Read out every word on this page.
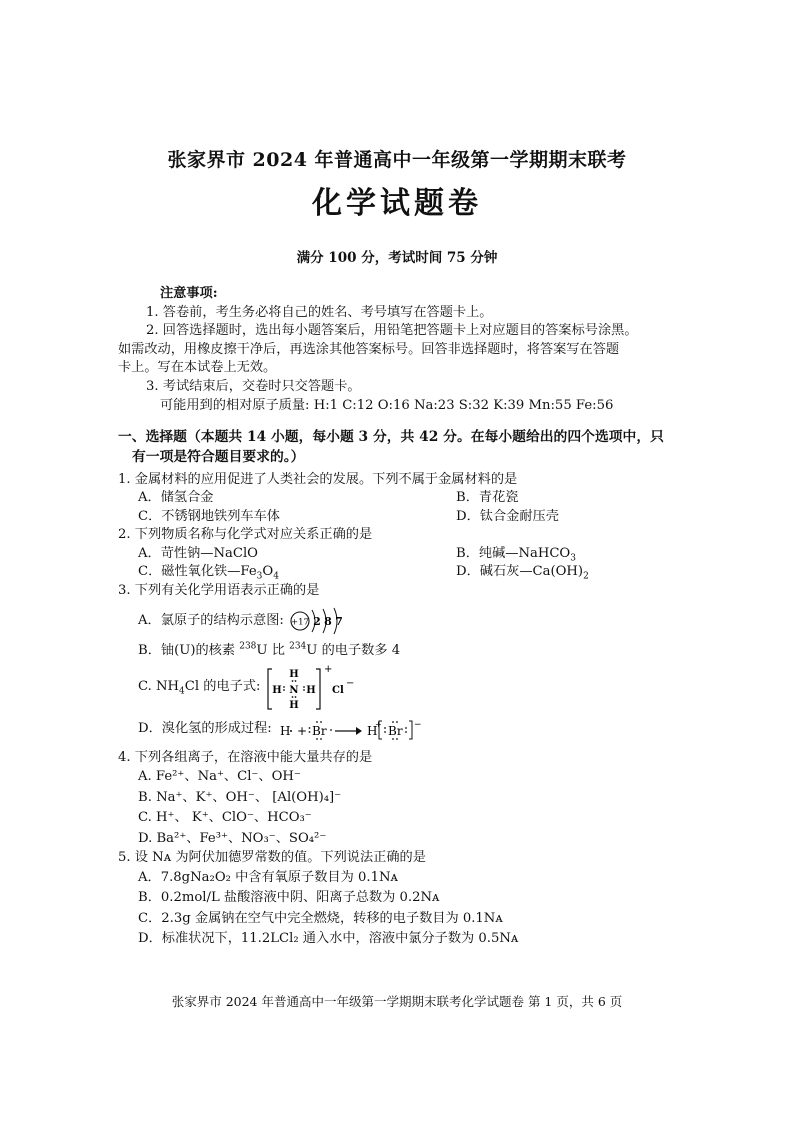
张家界市 2024 年普通高中一年级第一学期期末联考
化学试题卷
满分 100 分，考试时间 75 分钟
注意事项:

1. 答卷前，考生务必将自己的姓名、考号填写在答题卡上。

2. 回答选择题时，选出每小题答案后，用铅笔把答题卡上对应题目的答案标号涂黑。

如需改动，用橡皮擦干净后，再选涂其他答案标号。回答非选择题时，将答案写在答题

卡上。写在本试卷上无效。

3. 考试结束后，交卷时只交答题卡。

可能用到的相对原子质量: H:1 C:12 O:16 Na:23 S:32 K:39 Mn:55 Fe:56
一、选择题（本题共 14 小题，每小题 3 分，共 42 分。在每小题给出的四个选项中，只
有一项是符合题目要求的。）
1. 金属材料的应用促进了人类社会的发展。下列不属于金属材料的是
A．储氢合金	B．青花瓷
C．不锈钢地铁列车车体	D．钛合金耐压壳
2. 下列物质名称与化学式对应关系正确的是
A．苛性钠—NaClO	B．纯碱—NaHCO$_3$
C．磁性氧化铁$—Fe_3O_4$	D．碱石灰$—Ca(OH)_2$
3. 下列有关化学用语表示正确的是
A．氯原子的结构示意图: +17 2 8 7
B．铀(U)的核素 $^{238}$U 比 $^{234}$U 的电子数多 4
C. $NH_4Cl$ 的电子式:
H
N
H H
H
+
Cl
−
D．溴化氢的形成过程: H + Br	H
+ Br −
4. 下列各组离子，在溶液中能大量共存的是
A. Fe²⁺、Na⁺、Cl⁻、OH⁻
B. Na⁺、K⁺、OH⁻、 [Al(OH)₄]⁻
C. H⁺、 K⁺、ClO⁻、HCO₃⁻
D. Ba²⁺、Fe³⁺、NO₃⁻、SO₄²⁻
5. 设 Nᴀ 为阿伏加德罗常数的值。下列说法正确的是
A．7.8gNa₂O₂ 中含有氧原子数目为 0.1Nᴀ
B．0.2mol/L 盐酸溶液中阴、阳离子总数为 0.2Nᴀ
C．2.3g 金属钠在空气中完全燃烧，转移的电子数目为 0.1Nᴀ
D．标准状况下，11.2LCl₂ 通入水中，溶液中氯分子数为 0.5Nᴀ
张家界市 2024 年普通高中一年级第一学期期末联考化学试题卷 第 1 页，共 6 页
